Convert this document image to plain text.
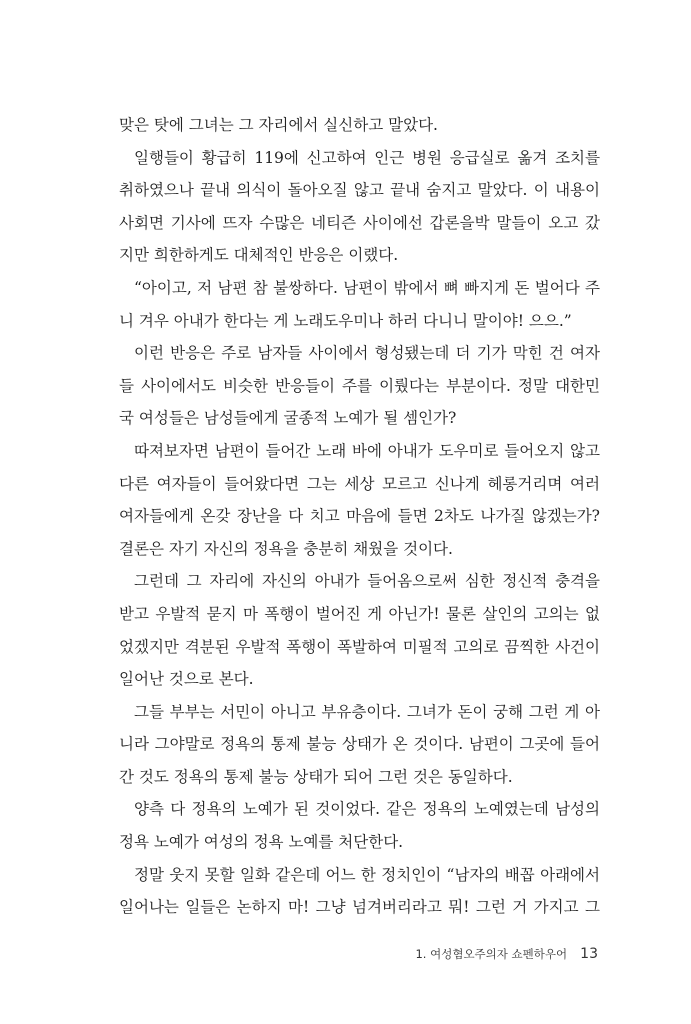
맞은 탓에 그녀는 그 자리에서 실신하고 말았다.
일행들이 황급히 119에 신고하여 인근 병원 응급실로 옮겨 조치를
취하였으나 끝내 의식이 돌아오질 않고 끝내 숨지고 말았다. 이 내용이
사회면 기사에 뜨자 수많은 네티즌 사이에선 갑론을박 말들이 오고 갔
지만 희한하게도 대체적인 반응은 이랬다.
“아이고, 저 남편 참 불쌍하다. 남편이 밖에서 뼈 빠지게 돈 벌어다 주
니 겨우 아내가 한다는 게 노래도우미나 하러 다니니 말이야! 으으.”
이런 반응은 주로 남자들 사이에서 형성됐는데 더 기가 막힌 건 여자
들 사이에서도 비슷한 반응들이 주를 이뤘다는 부분이다. 정말 대한민
국 여성들은 남성들에게 굴종적 노예가 될 셈인가?
따져보자면 남편이 들어간 노래 바에 아내가 도우미로 들어오지 않고
다른 여자들이 들어왔다면 그는 세상 모르고 신나게 헤롱거리며 여러
여자들에게 온갖 장난을 다 치고 마음에 들면 2차도 나가질 않겠는가?
결론은 자기 자신의 정욕을 충분히 채웠을 것이다.
그런데 그 자리에 자신의 아내가 들어옴으로써 심한 정신적 충격을
받고 우발적 묻지 마 폭행이 벌어진 게 아닌가! 물론 살인의 고의는 없
었겠지만 격분된 우발적 폭행이 폭발하여 미필적 고의로 끔찍한 사건이
일어난 것으로 본다.
그들 부부는 서민이 아니고 부유층이다. 그녀가 돈이 궁해 그런 게 아
니라 그야말로 정욕의 통제 불능 상태가 온 것이다. 남편이 그곳에 들어
간 것도 정욕의 통제 불능 상태가 되어 그런 것은 동일하다.
양측 다 정욕의 노예가 된 것이었다. 같은 정욕의 노예였는데 남성의
정욕 노예가 여성의 정욕 노예를 처단한다.
정말 웃지 못할 일화 같은데 어느 한 정치인이 “남자의 배꼽 아래에서
일어나는 일들은 논하지 마! 그냥 넘겨버리라고 뭐! 그런 거 가지고 그
1. 여성혐오주의자 쇼펜하우어 13
